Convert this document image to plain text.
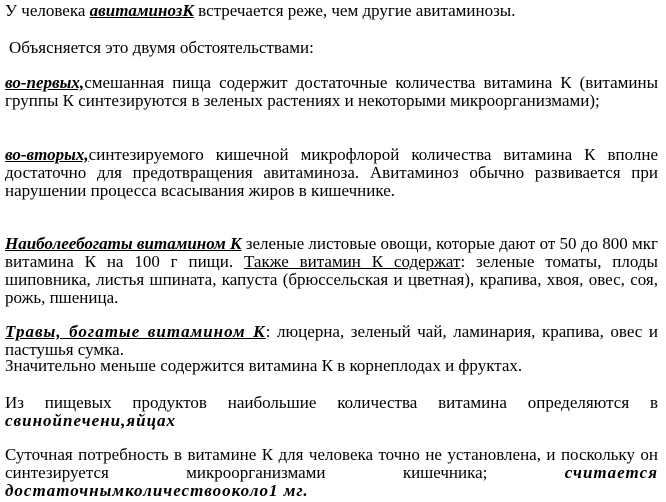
У человека авитаминозК встречается реже, чем другие авитаминозы.

Объясняется это двумя обстоятельствами:

во-первых,смешанная пища содержит достаточные количества витамина К (витамины группы К синтезируются в зеленых растениях и некоторыми микроорганизмами);

во-вторых,синтезируемого кишечной микрофлорой количества витамина К вполне достаточно для предотвращения авитаминоза. Авитаминоз обычно развивается при нарушении процесса всасывания жиров в кишечнике.

Наиболеебогаты витамином К зеленые листовые овощи, которые дают от 50 до 800 мкг витамина К на 100 г пищи. Также витамин К содержат: зеленые томаты, плоды шиповника, листья шпината, капуста (брюссельская и цветная), крапива, хвоя, овес, соя, рожь, пшеница.

Травы, богатые витамином К: люцерна, зеленый чай, ламинария, крапива, овес и пастушья сумка.

Значительно меньше содержится витамина К в корнеплодах и фруктах.

Из пищевых продуктов наибольшие количества витамина определяются в свинойпечени,яйцах

Суточная потребность в витамине К для человека точно не установлена, и поскольку он синтезируется микроорганизмами кишечника; считается достаточнымколичествооколо1 мг.
